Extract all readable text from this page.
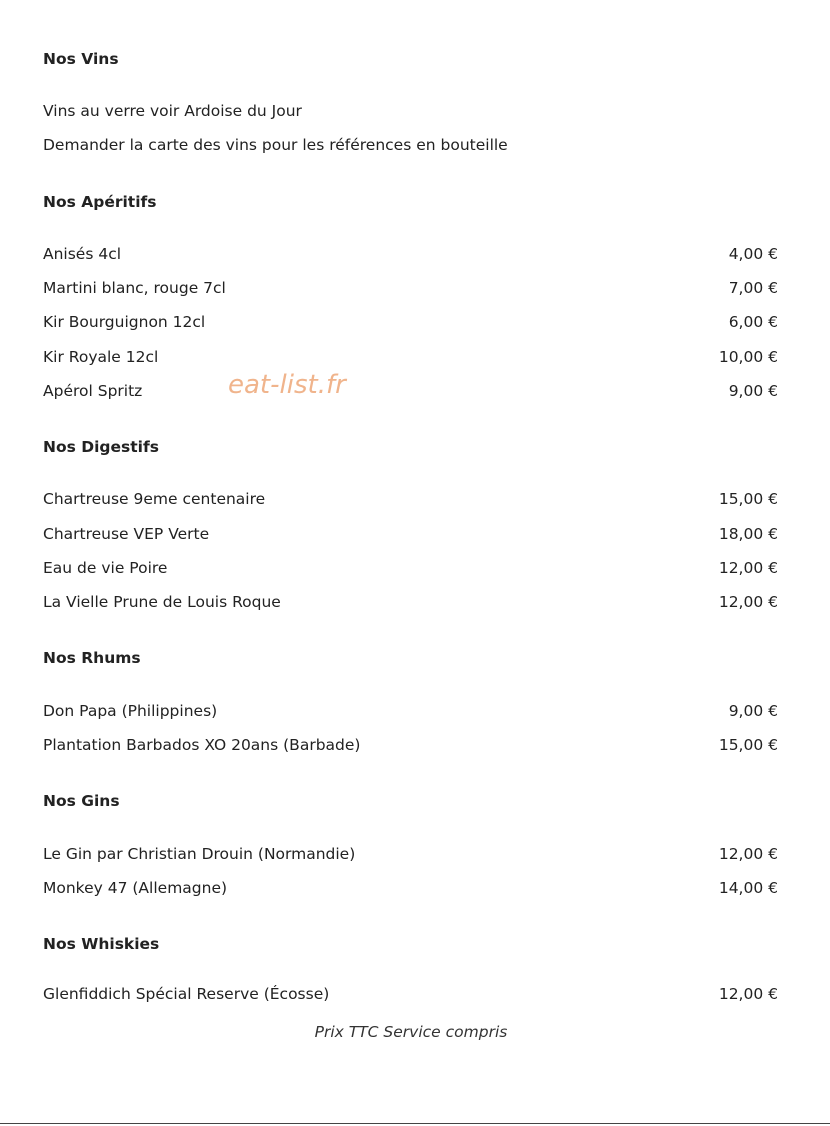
Nos Vins
Vins au verre voir Ardoise du Jour
Demander la carte des vins pour les références en bouteille
Nos Apéritifs
Anisés 4cl	4,00 €
Martini blanc, rouge 7cl	7,00 €
Kir Bourguignon 12cl	6,00 €
Kir Royale 12cl	10,00 €
Apérol Spritz	9,00 €
eat-list.fr
Nos Digestifs
Chartreuse 9eme centenaire	15,00 €
Chartreuse VEP Verte	18,00 €
Eau de vie Poire	12,00 €
La Vielle Prune de Louis Roque	12,00 €
Nos Rhums
Don Papa (Philippines)	9,00 €
Plantation Barbados XO 20ans (Barbade)	15,00 €
Nos Gins
Le Gin par Christian Drouin (Normandie)	12,00 €
Monkey 47 (Allemagne)	14,00 €
Nos Whiskies
Glenfiddich Spécial Reserve (Écosse)	12,00 €
Prix TTC Service compris
